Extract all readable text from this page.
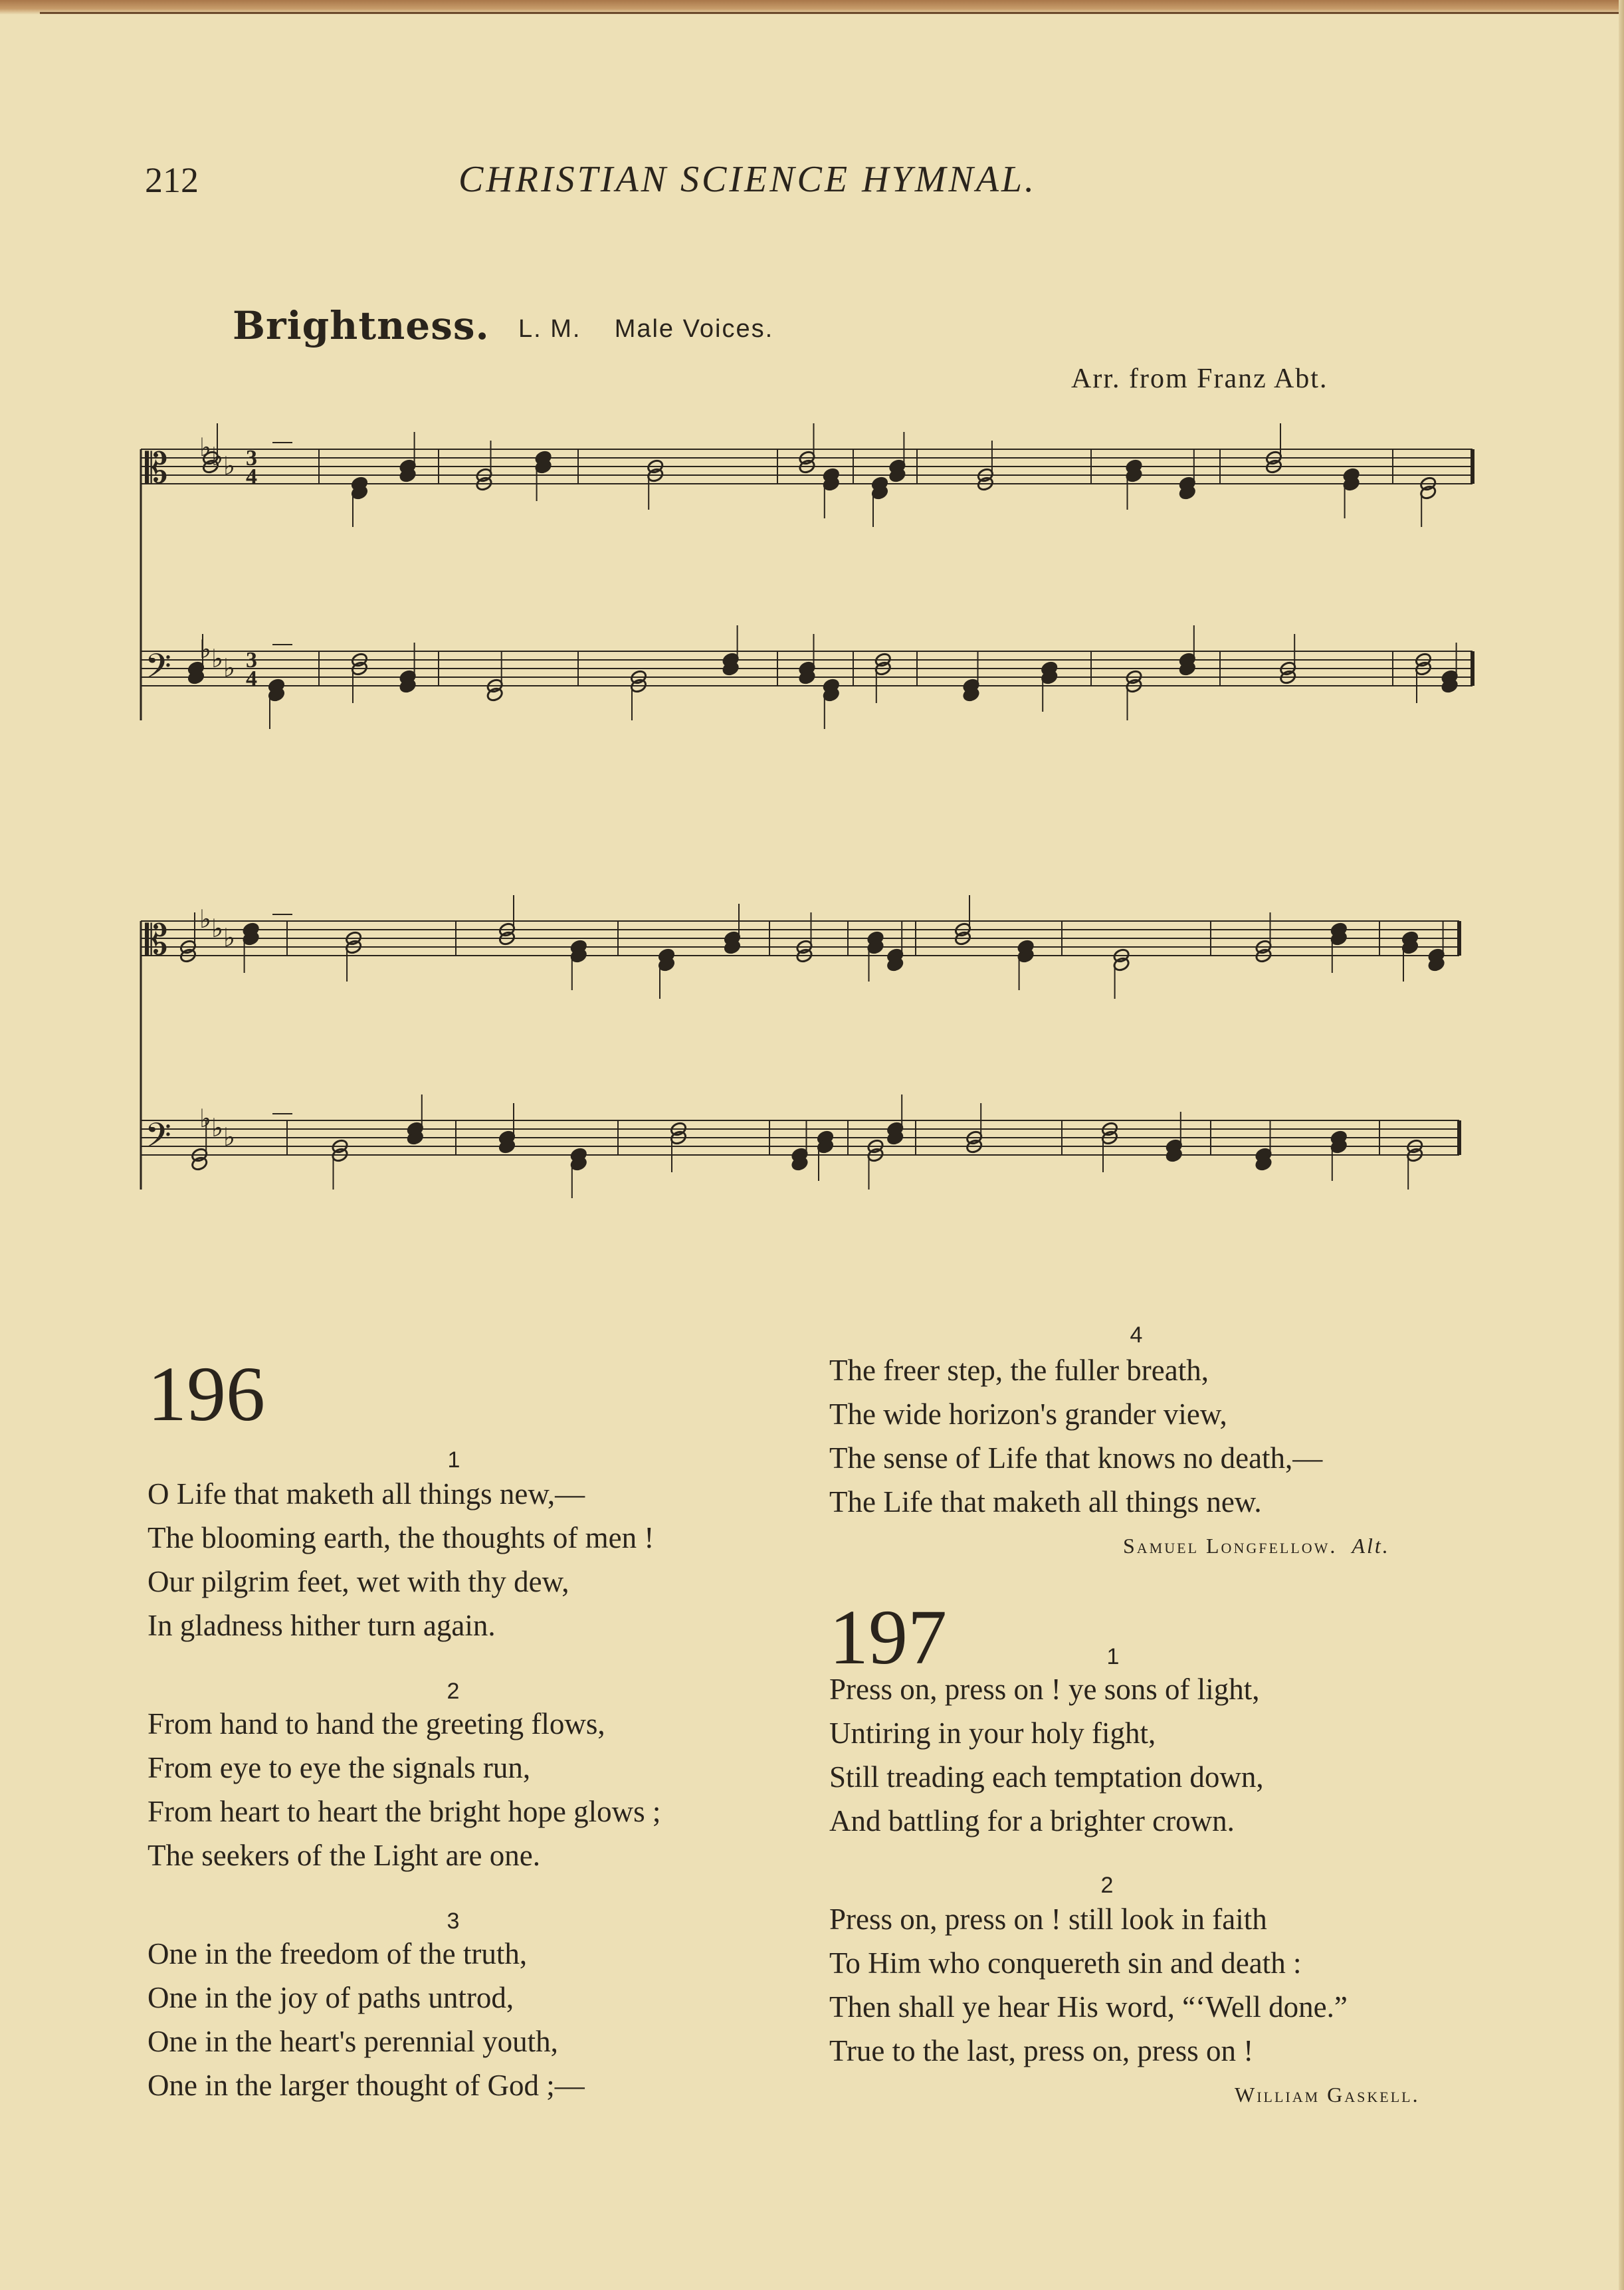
212	CHRISTIAN SCIENCE HYMNAL.
Brightness. L. M. Male Voices.
Arr. from Franz Abt.
𝄡 ♭ ♭ ♭
𝄢 ♭ ♭ ♭
𝄡 ♭ ♭ ♭
𝄢 ♭ ♭ ♭
3
4
3
4
196
1
O Life that maketh all things new,—
The blooming earth, the thoughts of men !
Our pilgrim feet, wet with thy dew,
In gladness hither turn again.
2
From hand to hand the greeting flows,
From eye to eye the signals run,
From heart to heart the bright hope glows ;
The seekers of the Light are one.
3
One in the freedom of the truth,
One in the joy of paths untrod,
One in the heart's perennial youth,
One in the larger thought of God ;—
4
The freer step, the fuller breath,
The wide horizon's grander view,
The sense of Life that knows no death,—
The Life that maketh all things new.
Samuel Longfellow. Alt.
197	1
Press on, press on ! ye sons of light,
Untiring in your holy fight,
Still treading each temptation down,
And battling for a brighter crown.
2
Press on, press on ! still look in faith
To Him who conquereth sin and death :
Then shall ye hear His word, “‘Well done.”
True to the last, press on, press on !
William Gaskell.
